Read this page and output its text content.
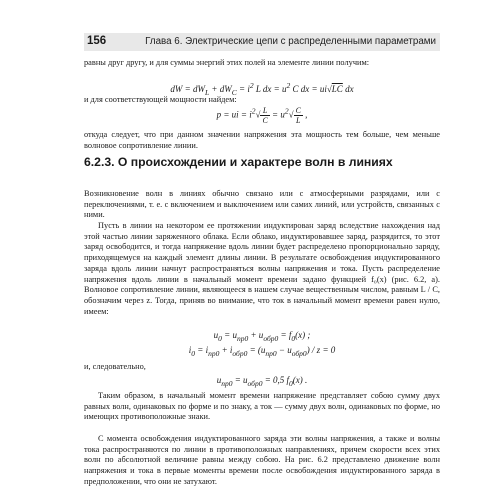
156	Глава 6. Электрические цепи с распределенными параметрами

равны друг другу, и для суммы энергий этих полей на элементе линии получим:

dW = $dW_L + dW_C = i^2$ L dx = $u^2$ C dx = ui√LC dx

и для соответствующей мощности найдем:

p = ui = $i^2√ \frac{L}{C} = u^2√ \frac{C}{L}$ ,

откуда следует, что при данном значении напряжения эта мощность тем больше, чем меньше волновое сопротивление линии.

6.2.3. О происхождении и характере волн в линиях

Возникновение волн в линиях обычно связано или с атмосферными разрядами, или с переключениями, т. е. с включением и выключением или самих линий, или устройств, связанных с ними.

Пусть в линии на некотором ее протяжении индуктирован заряд вследствие нахождения над этой частью линии заряженного облака. Если облако, индуктировавшее заряд, разрядится, то этот заряд освободится, и тогда напряжение вдоль линии будет распределено пропорционально заряду, приходящемуся на каждый элемент длины линии. В результате освобождения индуктированного заряда вдоль линии начнут распространяться волны напряжения и тока. Пусть распределение напряжения вдоль линии в начальный момент времени задано функцией f₀(x) (рис. 6.2, a). Волновое сопротивление линии, являющееся в нашем случае вещественным числом, равным L / C, обозначим через z. Тогда, приняв во внимание, что ток в начальный момент времени равен нулю, имеем:

$u_0 = u_{пр0} + u_{обр0} = f_0(x)$ ;
$i_0 = i_{пр0} + i_{обр0} = (u_{пр0} - u_{обр0}) / z = 0$

и, следовательно,

$u_{пр0} = u_{обр0} = 0,5$ $f_0(x)$ .

Таким образом, в начальный момент времени напряжение представляет собою сумму двух равных волн, одинаковых по форме и по знаку, а ток — сумму двух волн, одинаковых по форме, но имеющих противоположные знаки.

С момента освобождения индуктированного заряда эти волны напряжения, а также и волны тока распространяются по линии в противоположных направлениях, причем скорости всех этих волн по абсолютной величине равны между собою. На рис. 6.2 представлено движение волн напряжения и тока в первые моменты времени после освобождения индуктированного заряда в предположении, что они не затухают.
